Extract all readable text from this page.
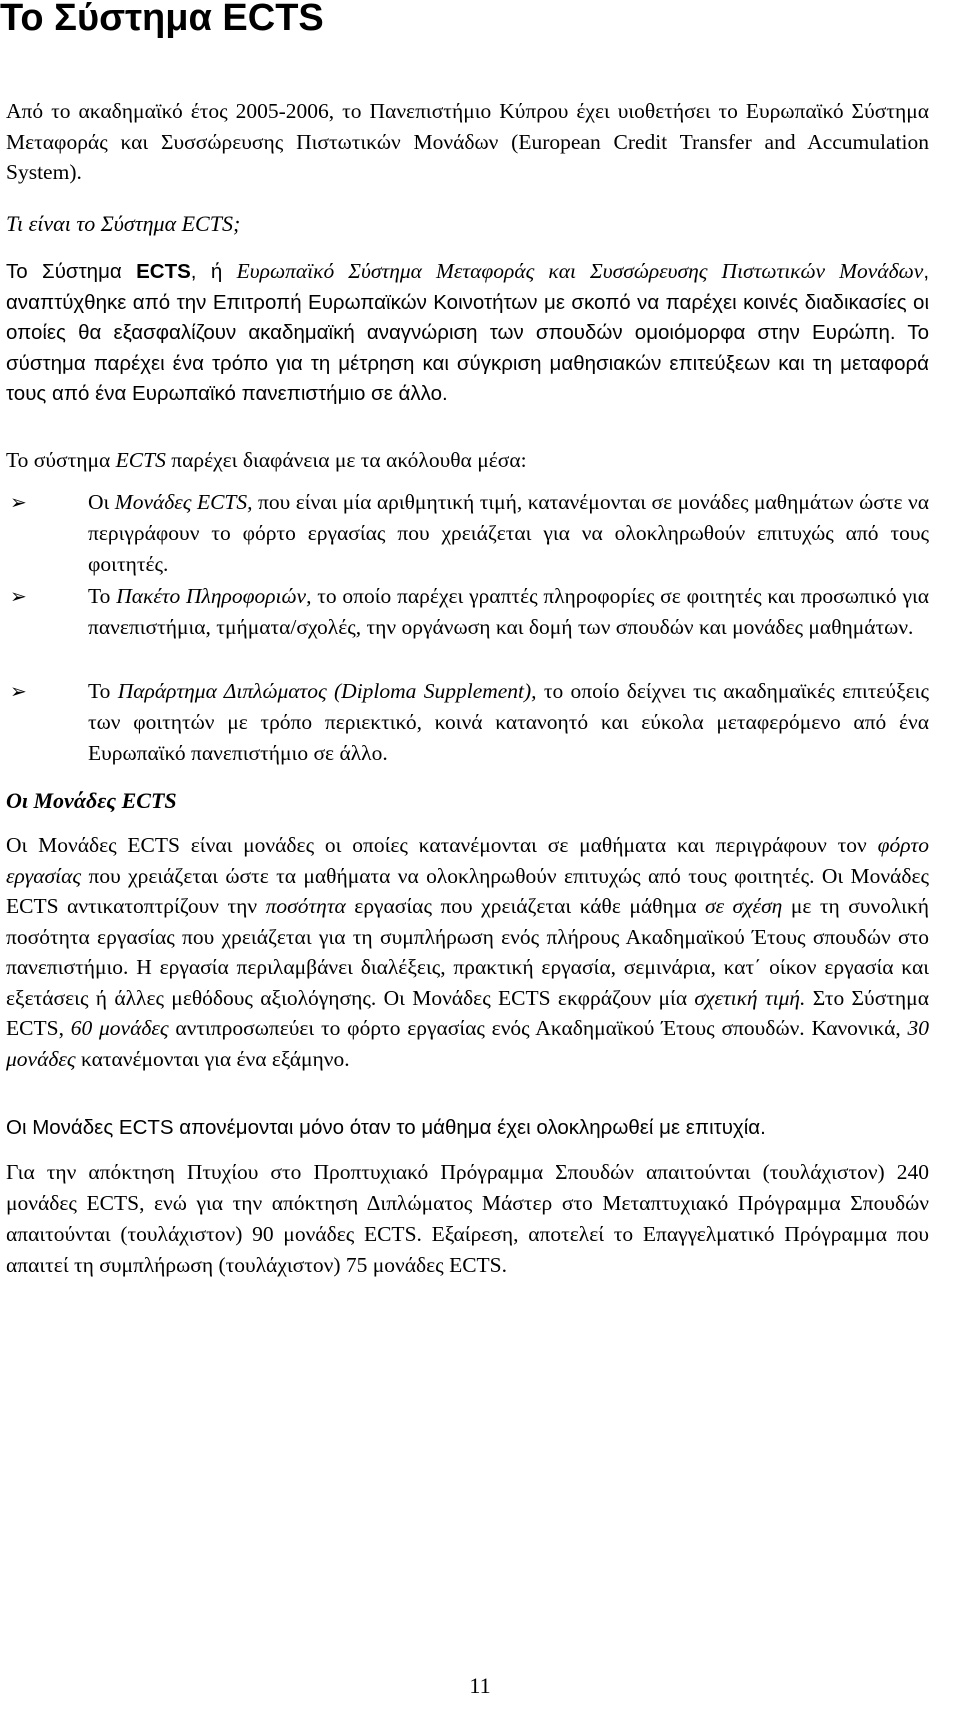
Το Σύστημα ECTS

Από το ακαδημαϊκό έτος 2005-2006, το Πανεπιστήμιο Κύπρου έχει υιοθετήσει το Ευρωπαϊκό Σύστημα Μεταφοράς και Συσσώρευσης Πιστωτικών Μονάδων (European Credit Transfer and Accumulation System).

Τι είναι το Σύστημα ECTS;

Το Σύστημα ECTS, ή Ευρωπαϊκό Σύστημα Μεταφοράς και Συσσώρευσης Πιστωτικών Μονάδων, αναπτύχθηκε από την Επιτροπή Ευρωπαϊκών Κοινοτήτων με σκοπό να παρέχει κοινές διαδικασίες οι οποίες θα εξασφαλίζουν ακαδημαϊκή αναγνώριση των σπουδών ομοιόμορφα στην Ευρώπη. Το σύστημα παρέχει ένα τρόπο για τη μέτρηση και σύγκριση μαθησιακών επιτεύξεων και τη μεταφορά τους από ένα Ευρωπαϊκό πανεπιστήμιο σε άλλο.

Το σύστημα ECTS παρέχει διαφάνεια με τα ακόλουθα μέσα:

➢	Οι Μονάδες ECTS, που είναι μία αριθμητική τιμή, κατανέμονται σε μονάδες μαθημάτων ώστε να περιγράφουν το φόρτο εργασίας που χρειάζεται για να ολοκληρωθούν επιτυχώς από τους φοιτητές.

➢	Το Πακέτο Πληροφοριών, το οποίο παρέχει γραπτές πληροφορίες σε φοιτητές και προσωπικό για πανεπιστήμια, τμήματα/σχολές, την οργάνωση και δομή των σπουδών και μονάδες μαθημάτων.

➢	Το Παράρτημα Διπλώματος (Diploma Supplement), το οποίο δείχνει τις ακαδημαϊκές επιτεύξεις των φοιτητών με τρόπο περιεκτικό, κοινά κατανοητό και εύκολα μεταφερόμενο από ένα Ευρωπαϊκό πανεπιστήμιο σε άλλο.

Οι Μονάδες ECTS

Οι Μονάδες ECTS είναι μονάδες οι οποίες κατανέμονται σε μαθήματα και περιγράφουν τον φόρτο εργασίας που χρειάζεται ώστε τα μαθήματα να ολοκληρωθούν επιτυχώς από τους φοιτητές. Οι Μονάδες ECTS αντικατοπτρίζουν την ποσότητα εργασίας που χρειάζεται κάθε μάθημα σε σχέση με τη συνολική ποσότητα εργασίας που χρειάζεται για τη συμπλήρωση ενός πλήρους Ακαδημαϊκού Έτους σπουδών στο πανεπιστήμιο. Η εργασία περιλαμβάνει διαλέξεις, πρακτική εργασία, σεμινάρια, κατ΄ οίκον εργασία και εξετάσεις ή άλλες μεθόδους αξιολόγησης. Οι Μονάδες ECTS εκφράζουν μία σχετική τιμή. Στο Σύστημα ECTS, 60 μονάδες αντιπροσωπεύει το φόρτο εργασίας ενός Ακαδημαϊκού Έτους σπουδών. Κανονικά, 30 μονάδες κατανέμονται για ένα εξάμηνο.

Οι Μονάδες ECTS απονέμονται μόνο όταν το μάθημα έχει ολοκληρωθεί με επιτυχία.

Για την απόκτηση Πτυχίου στο Προπτυχιακό Πρόγραμμα Σπουδών απαιτούνται (τουλάχιστον) 240 μονάδες ECTS, ενώ για την απόκτηση Διπλώματος Μάστερ στο Μεταπτυχιακό Πρόγραμμα Σπουδών απαιτούνται (τουλάχιστον) 90 μονάδες ECTS. Εξαίρεση, αποτελεί το Επαγγελματικό Πρόγραμμα που απαιτεί τη συμπλήρωση (τουλάχιστον) 75 μονάδες ECTS.

11
